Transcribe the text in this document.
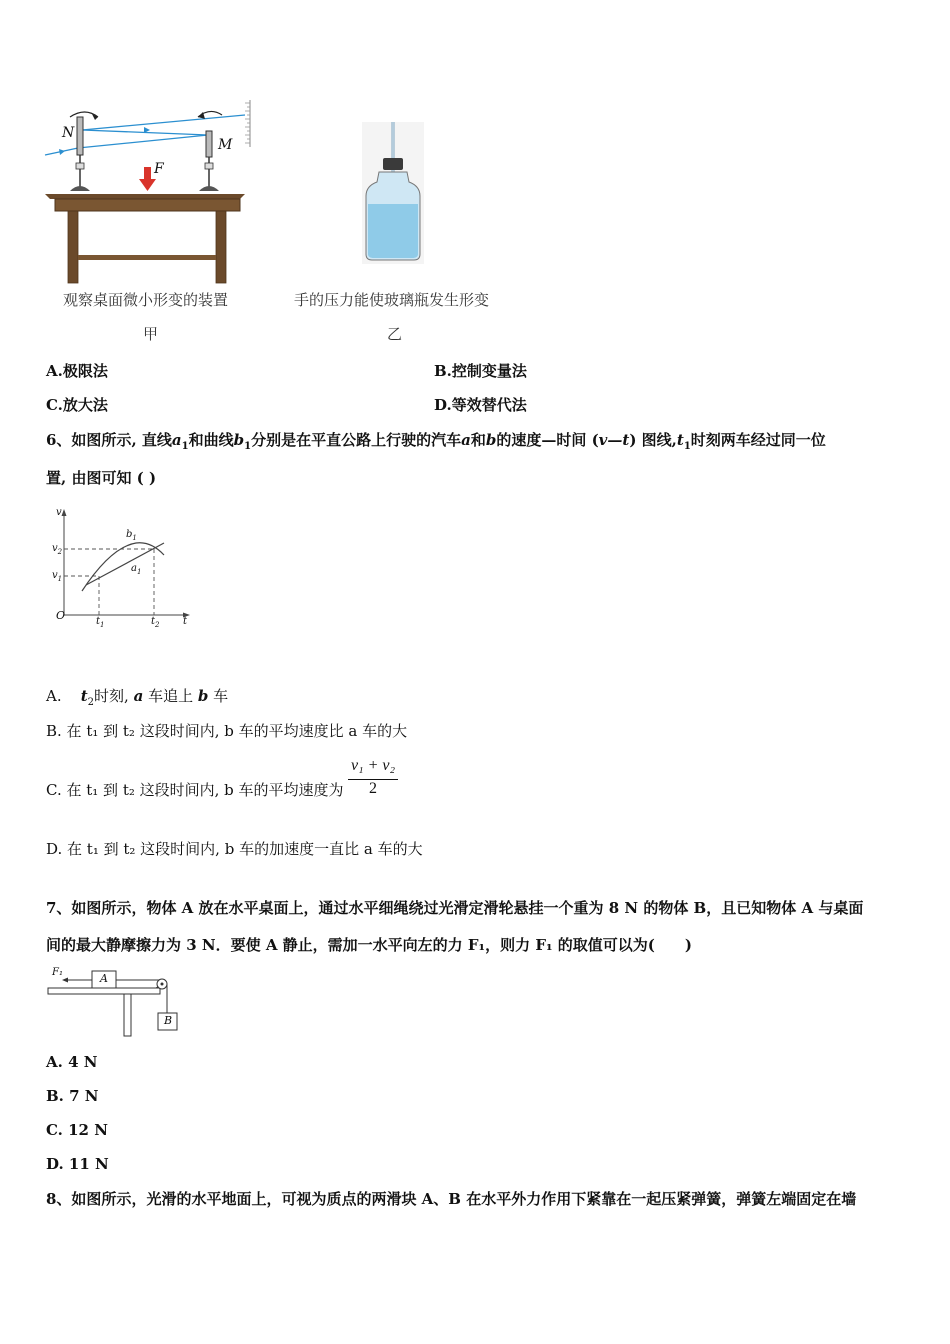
N
M
F
观察桌面微小形变的装置
甲
手的压力能使玻璃瓶发生形变
乙
A.极限法	B.控制变量法
C.放大法	D.等效替代法
6、如图所示, 直线$a_1$和曲线$b_1$分别是在平直公路上行驶的汽车a和b的速度—时间 (v—t) 图线$,t_1$时刻两车经过同一位
置, 由图可知 ( )
v
$v_2$
$v_1$
O	$t_1$	$t_2$ t
$a_1$
$b_1$
A. $t_2$时刻, a 车追上 b 车
B. 在 t₁ 到 t₂ 这段时间内, b 车的平均速度比 a 车的大
C. 在 t₁ 到 t₂ 这段时间内, b 车的平均速度为
v₁ + v₂
2
D. 在 t₁ 到 t₂ 这段时间内, b 车的加速度一直比 a 车的大
7、如图所示，物体 A 放在水平桌面上，通过水平细绳绕过光滑定滑轮悬挂一个重为 8 N 的物体 B，且已知物体 A 与桌面
间的最大静摩擦力为 3 N．要使 A 静止，需加一水平向左的力 F₁，则力 F₁ 的取值可以为(　　)
F₁	A
B
A. 4 N
B. 7 N
C. 12 N
D. 11 N
8、如图所示，光滑的水平地面上，可视为质点的两滑块 A、B 在水平外力作用下紧靠在一起压紧弹簧，弹簧左端固定在墙
